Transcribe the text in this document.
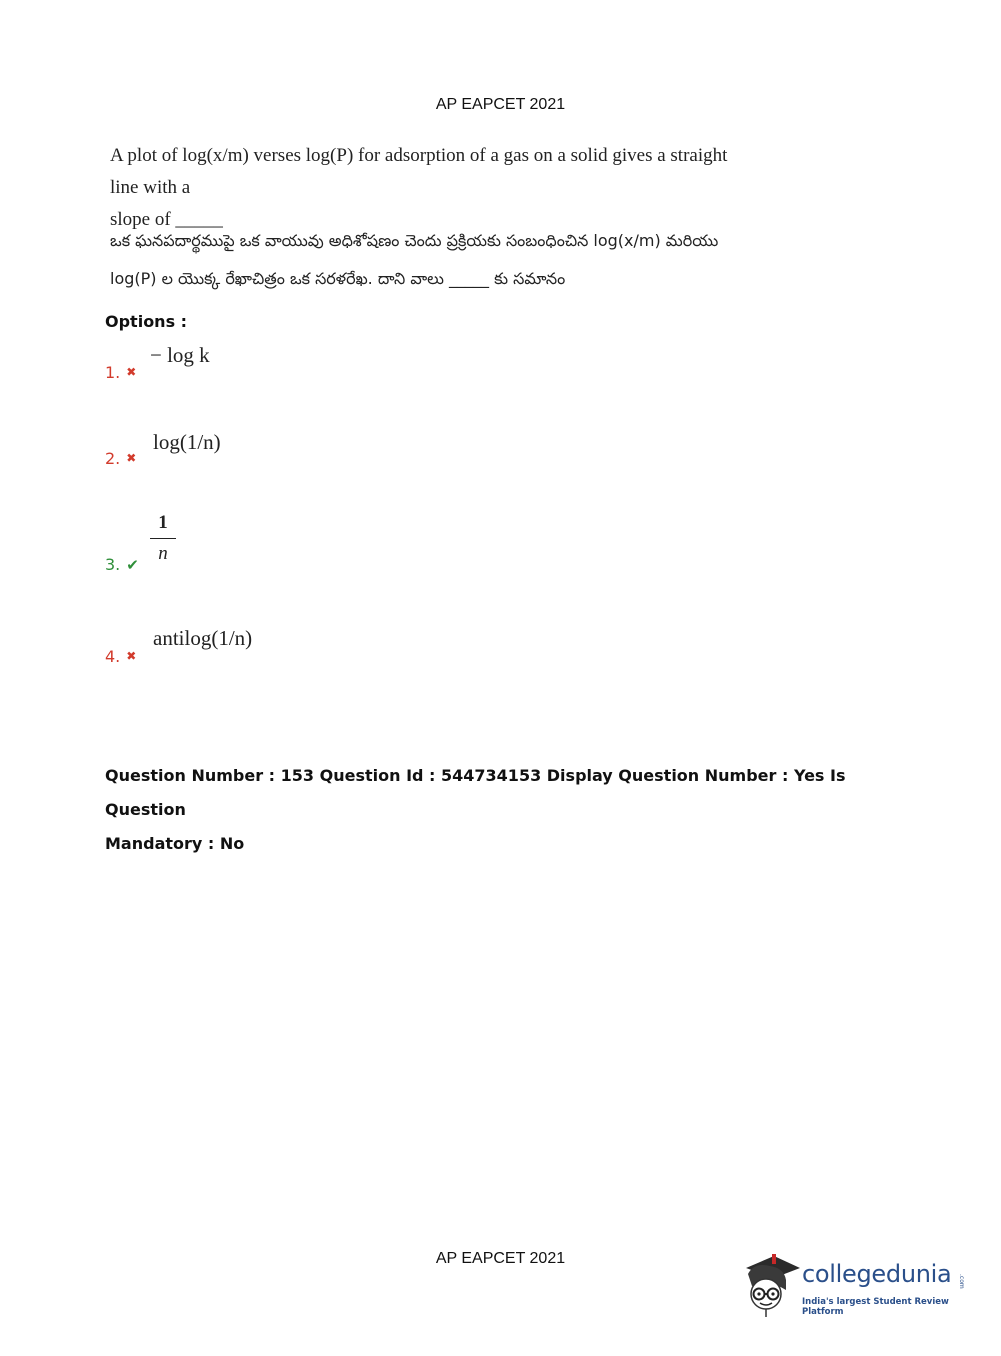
AP EAPCET 2021
A plot of log(x/m) verses log(P) for adsorption of a gas on a solid gives a straight line with a
slope of _____
ఒక ఘనపదార్థముపై ఒక వాయువు అధిశోషణం చెందు ప్రక్రియకు సంబంధించిన log(x/m) మరియు
log(P) ల యొక్క రేఖాచిత్రం ఒక సరళరేఖ. దాని వాలు _____ కు సమానం
Options :
1. ✖
− log k
2. ✖
log(1/n)
3. ✔ $\frac{1}{n}$
4. ✖
antilog(1/n)
Question Number : 153 Question Id : 544734153 Display Question Number : Yes Is Question
Mandatory : No
AP EAPCET 2021
collegedunia .com
India's largest Student Review Platform
